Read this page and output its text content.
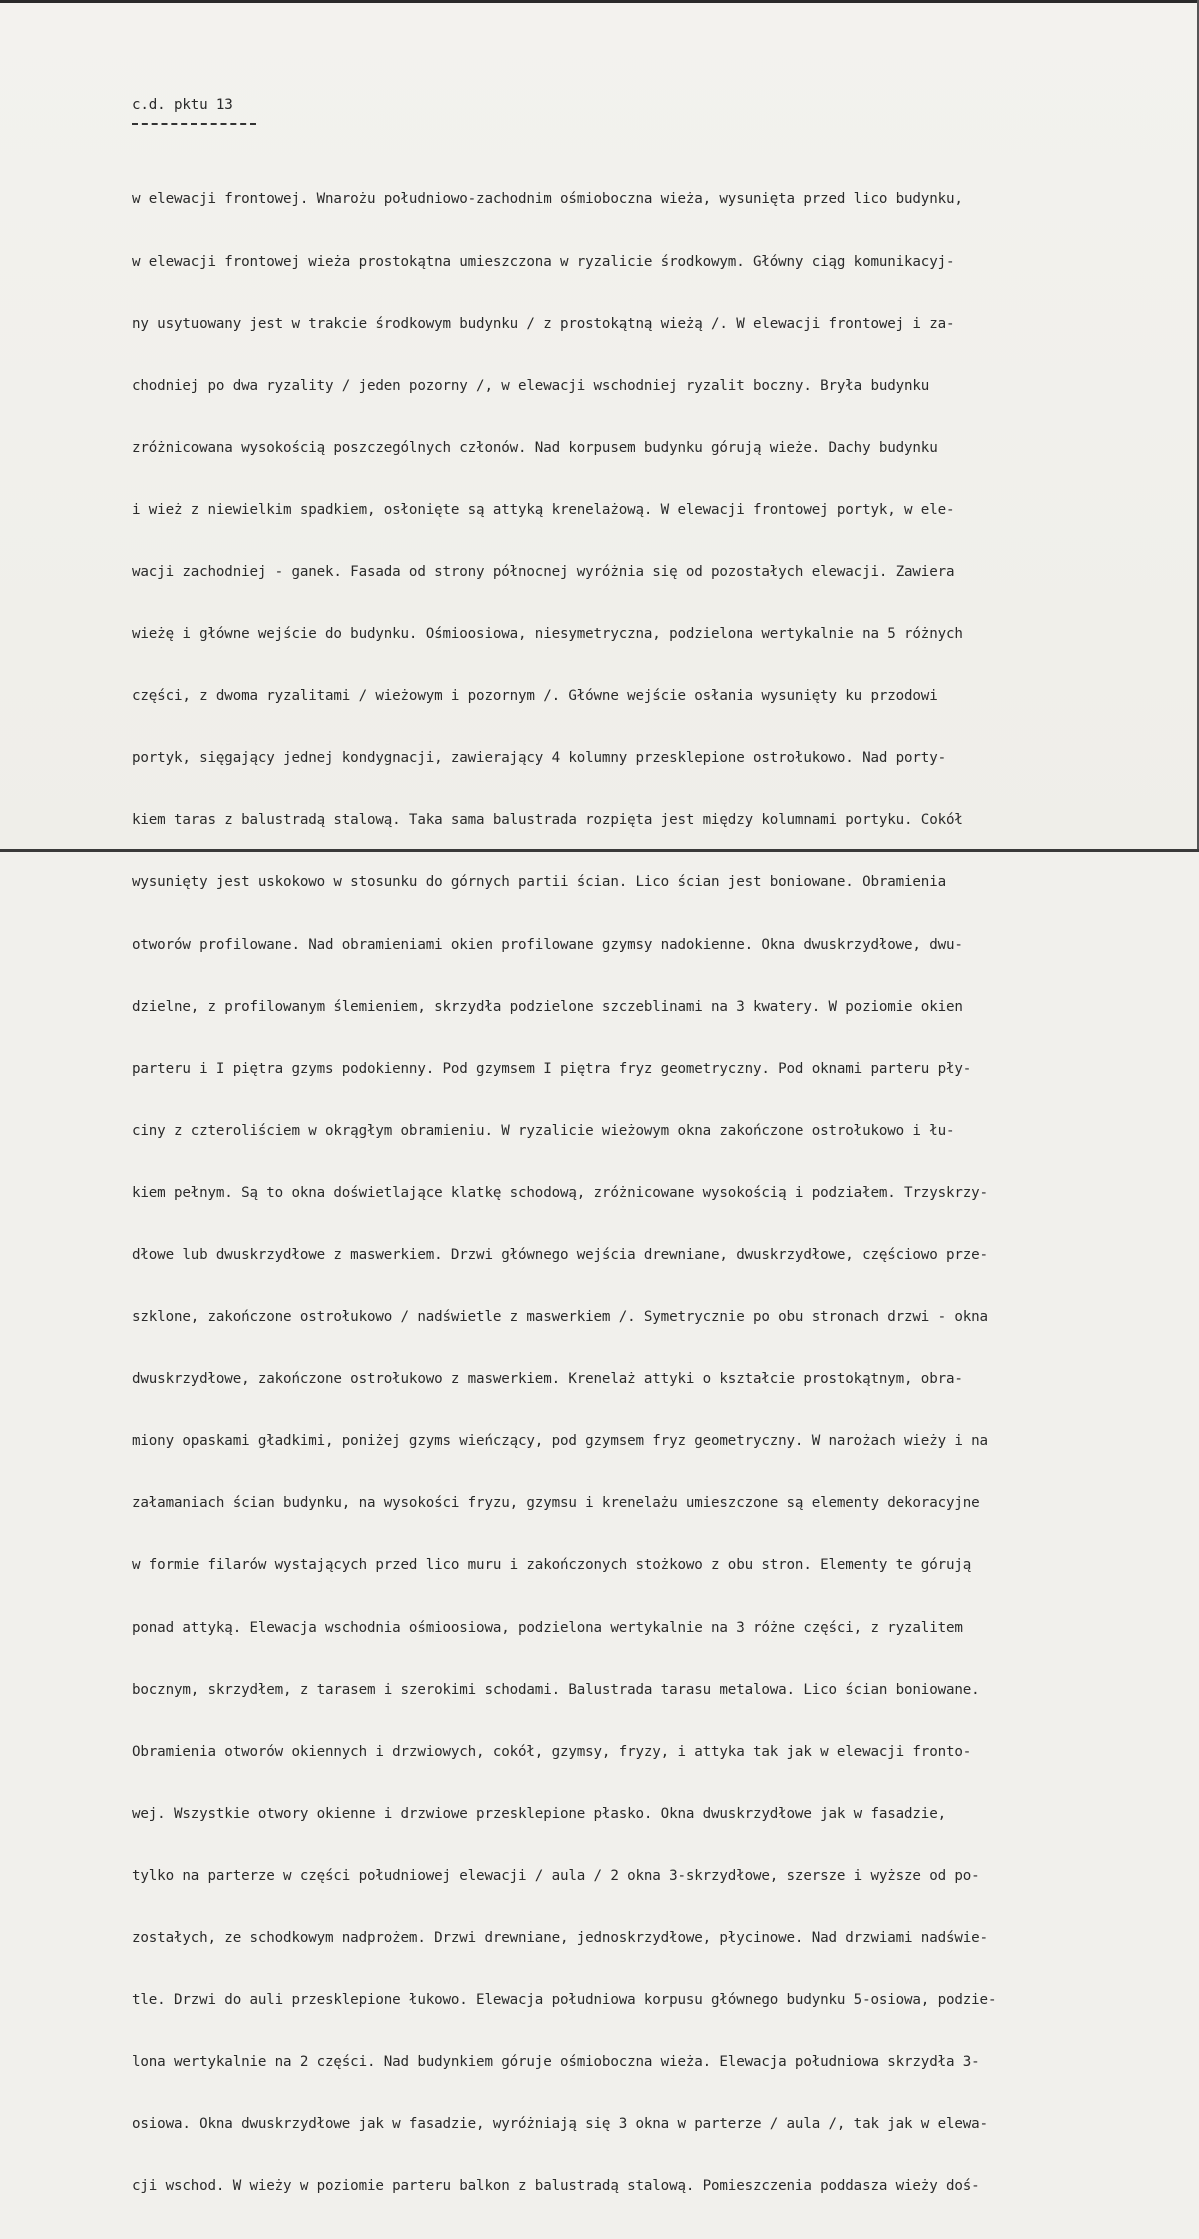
c.d. pktu 13

w elewacji frontowej. Wnarożu południowo-zachodnim ośmioboczna wieża, wysunięta przed lico budynku,

w elewacji frontowej wieża prostokątna umieszczona w ryzalicie środkowym. Główny ciąg komunikacyj-

ny usytuowany jest w trakcie środkowym budynku / z prostokątną wieżą /. W elewacji frontowej i za-

chodniej po dwa ryzality / jeden pozorny /, w elewacji wschodniej ryzalit boczny. Bryła budynku

zróżnicowana wysokością poszczególnych członów. Nad korpusem budynku górują wieże. Dachy budynku

i wież z niewielkim spadkiem, osłonięte są attyką krenelażową. W elewacji frontowej portyk, w ele-

wacji zachodniej - ganek. Fasada od strony północnej wyróżnia się od pozostałych elewacji. Zawiera

wieżę i główne wejście do budynku. Ośmioosiowa, niesymetryczna, podzielona wertykalnie na 5 różnych

części, z dwoma ryzalitami / wieżowym i pozornym /. Główne wejście osłania wysunięty ku przodowi

portyk, sięgający jednej kondygnacji, zawierający 4 kolumny przesklepione ostrołukowo. Nad porty-

kiem taras z balustradą stalową. Taka sama balustrada rozpięta jest między kolumnami portyku. Cokół

wysunięty jest uskokowo w stosunku do górnych partii ścian. Lico ścian jest boniowane. Obramienia

otworów profilowane. Nad obramieniami okien profilowane gzymsy nadokienne. Okna dwuskrzydłowe, dwu-

dzielne, z profilowanym ślemieniem, skrzydła podzielone szczeblinami na 3 kwatery. W poziomie okien

parteru i I piętra gzyms podokienny. Pod gzymsem I piętra fryz geometryczny. Pod oknami parteru pły-

ciny z czteroliściem w okrągłym obramieniu. W ryzalicie wieżowym okna zakończone ostrołukowo i łu-

kiem pełnym. Są to okna doświetlające klatkę schodową, zróżnicowane wysokością i podziałem. Trzyskrzy-

dłowe lub dwuskrzydłowe z maswerkiem. Drzwi głównego wejścia drewniane, dwuskrzydłowe, częściowo prze-

szklone, zakończone ostrołukowo / nadświetle z maswerkiem /. Symetrycznie po obu stronach drzwi - okna

dwuskrzydłowe, zakończone ostrołukowo z maswerkiem. Krenelaż attyki o kształcie prostokątnym, obra-

miony opaskami gładkimi, poniżej gzyms wieńczący, pod gzymsem fryz geometryczny. W narożach wieży i na

załamaniach ścian budynku, na wysokości fryzu, gzymsu i krenelażu umieszczone są elementy dekoracyjne

w formie filarów wystających przed lico muru i zakończonych stożkowo z obu stron. Elementy te górują

ponad attyką. Elewacja wschodnia ośmioosiowa, podzielona wertykalnie na 3 różne części, z ryzalitem

bocznym, skrzydłem, z tarasem i szerokimi schodami. Balustrada tarasu metalowa. Lico ścian boniowane.

Obramienia otworów okiennych i drzwiowych, cokół, gzymsy, fryzy, i attyka tak jak w elewacji fronto-

wej. Wszystkie otwory okienne i drzwiowe przesklepione płasko. Okna dwuskrzydłowe jak w fasadzie,

tylko na parterze w części południowej elewacji / aula / 2 okna 3-skrzydłowe, szersze i wyższe od po-

zostałych, ze schodkowym nadprożem. Drzwi drewniane, jednoskrzydłowe, płycinowe. Nad drzwiami nadświe-

tle. Drzwi do auli przesklepione łukowo. Elewacja południowa korpusu głównego budynku 5-osiowa, podzie-

lona wertykalnie na 2 części. Nad budynkiem góruje ośmioboczna wieża. Elewacja południowa skrzydła 3-

osiowa. Okna dwuskrzydłowe jak w fasadzie, wyróżniają się 3 okna w parterze / aula /, tak jak w elewa-

cji wschod. W wieży w poziomie parteru balkon z balustradą stalową. Pomieszczenia poddasza wieży doś-
